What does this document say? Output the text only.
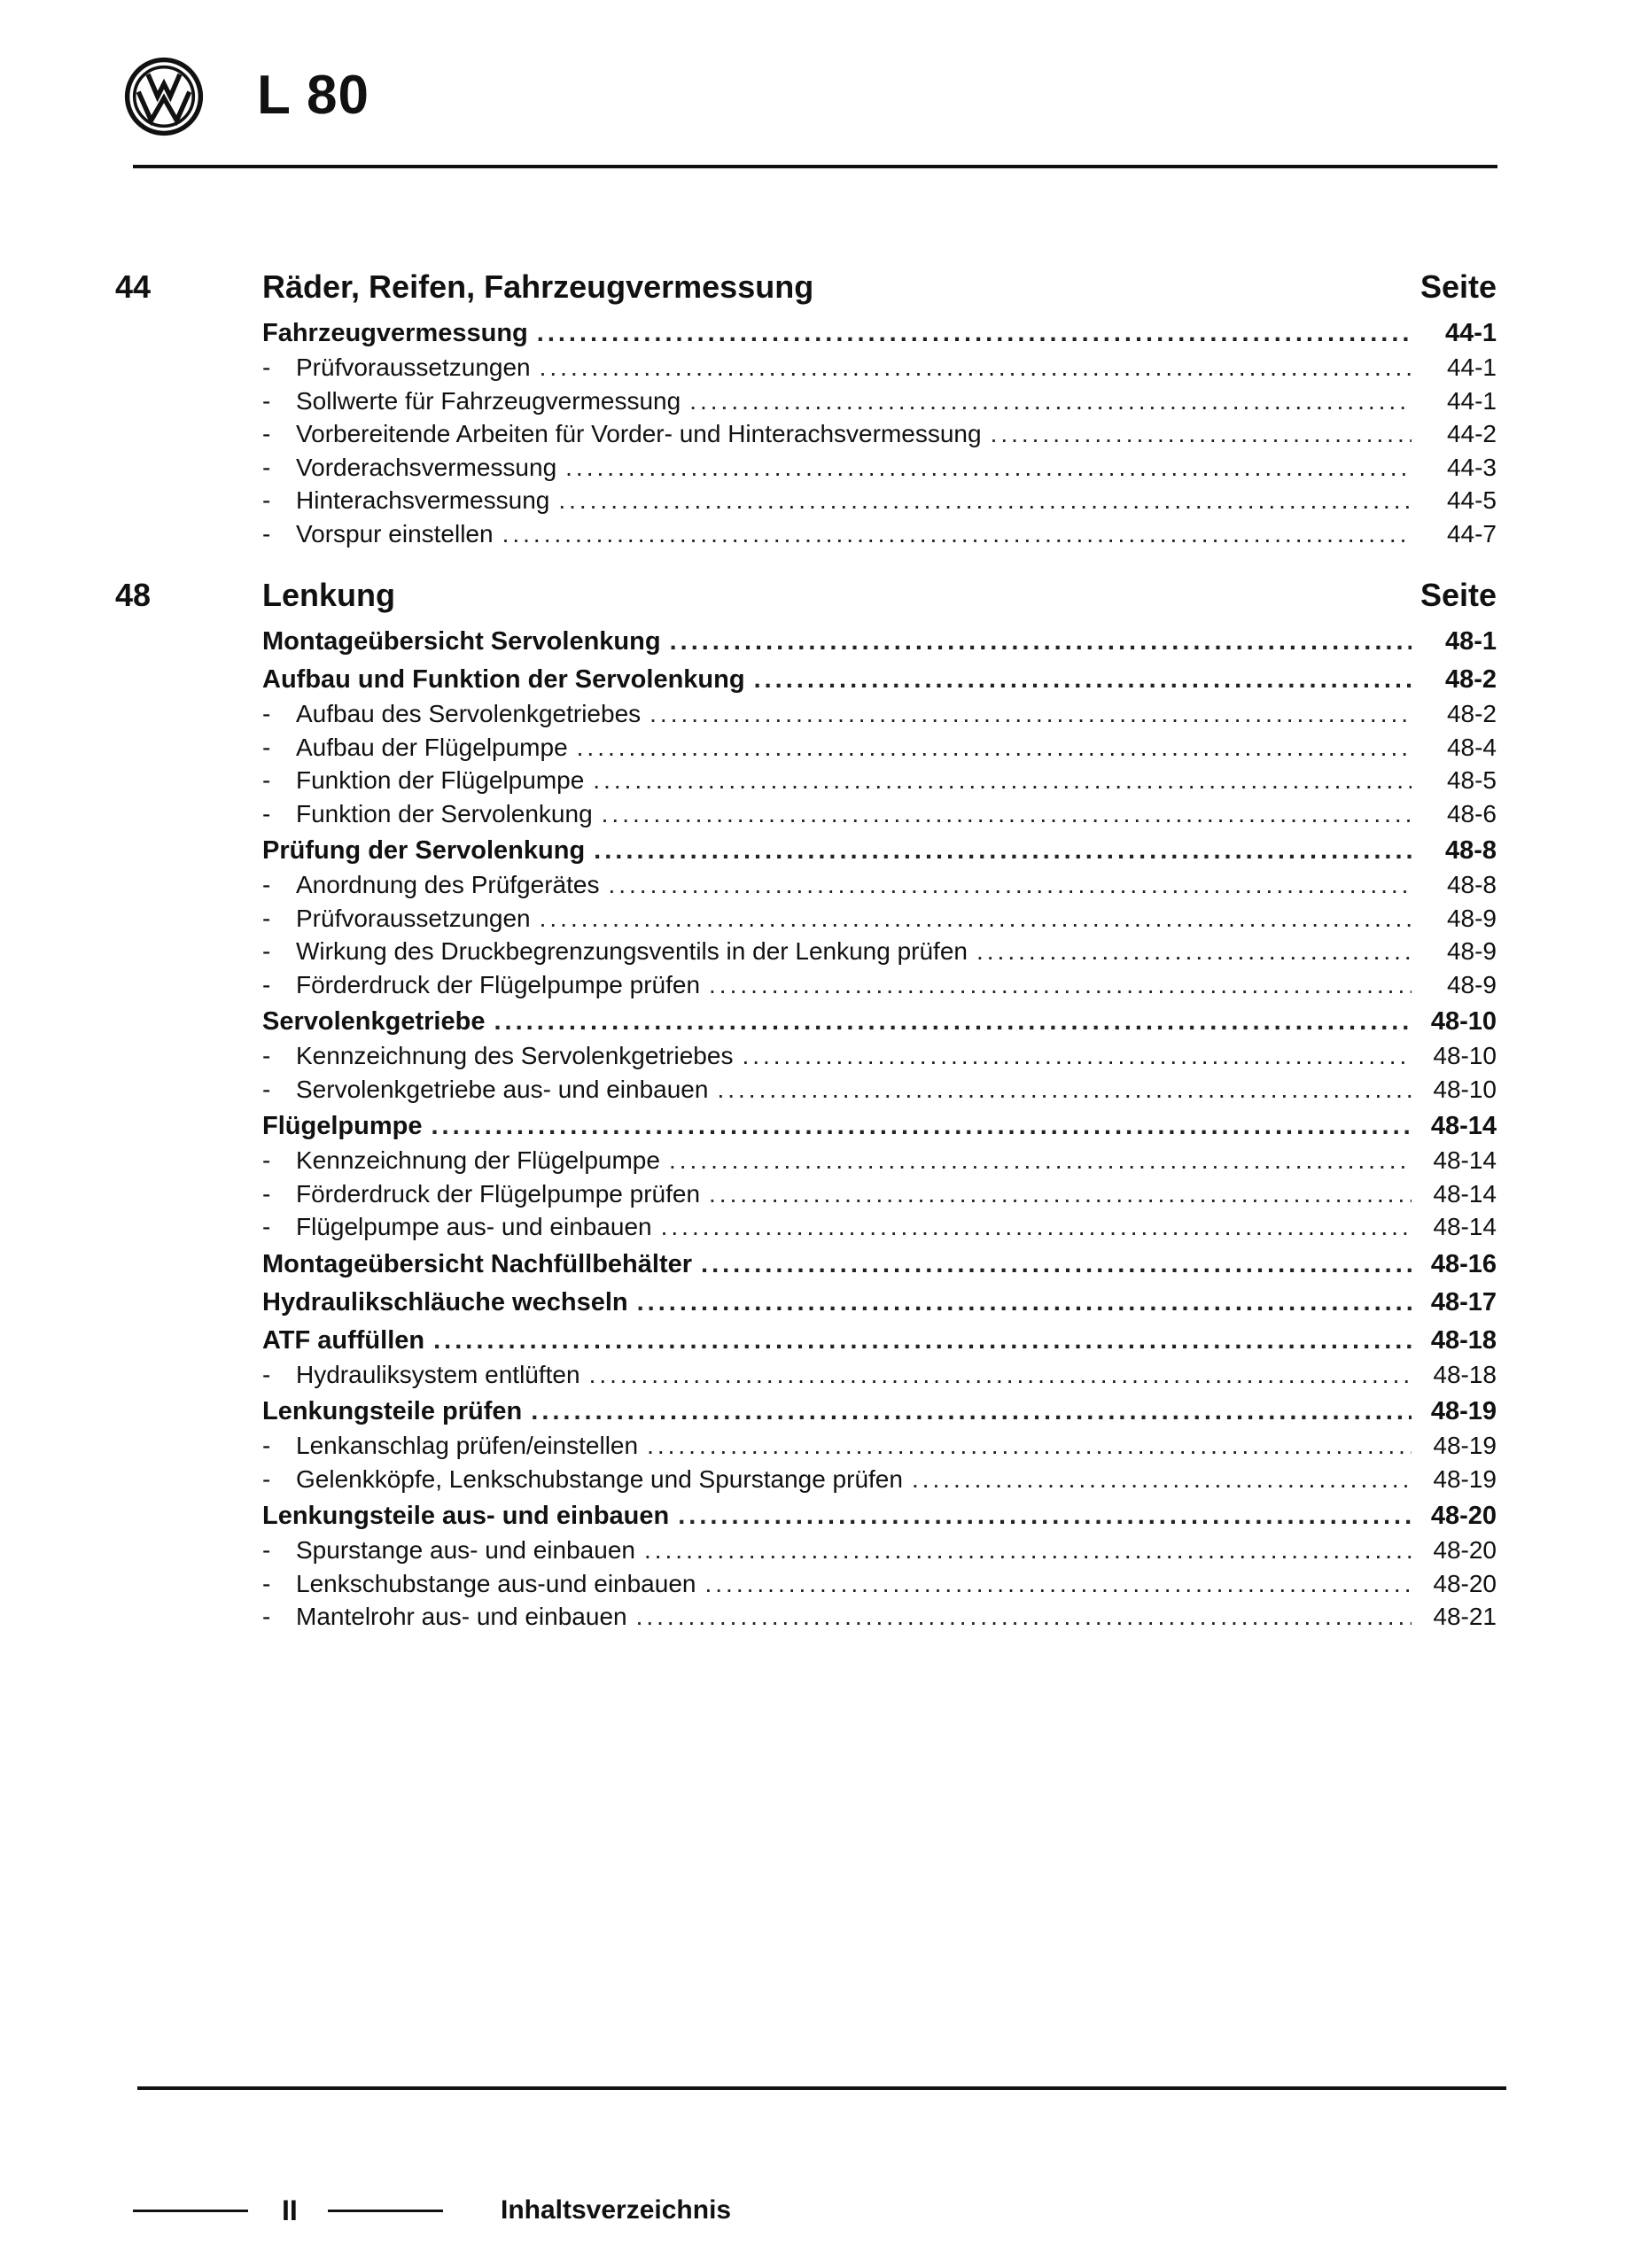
L 80
44	Räder, Reifen, Fahrzeugvermessung	Seite
Fahrzeugvermessung .....	44-1
-	Prüfvoraussetzungen .....	44-1
-	Sollwerte für Fahrzeugvermessung .....	44-1
-	Vorbereitende Arbeiten für Vorder- und Hinterachsvermessung .....	44-2
-	Vorderachsvermessung .....	44-3
-	Hinterachsvermessung .....	44-5
-	Vorspur einstellen .....	44-7
48	Lenkung	Seite
Montageübersicht Servolenkung .....	48-1
Aufbau und Funktion der Servolenkung .....	48-2
-	Aufbau des Servolenkgetriebes .....	48-2
-	Aufbau der Flügelpumpe .....	48-4
-	Funktion der Flügelpumpe .....	48-5
-	Funktion der Servolenkung .....	48-6
Prüfung der Servolenkung .....	48-8
-	Anordnung des Prüfgerätes .....	48-8
-	Prüfvoraussetzungen .....	48-9
-	Wirkung des Druckbegrenzungsventils in der Lenkung prüfen .....	48-9
-	Förderdruck der Flügelpumpe prüfen .....	48-9
Servolenkgetriebe .....	48-10
-	Kennzeichnung des Servolenkgetriebes .....	48-10
-	Servolenkgetriebe aus- und einbauen .....	48-10
Flügelpumpe .....	48-14
-	Kennzeichnung der Flügelpumpe .....	48-14
-	Förderdruck der Flügelpumpe prüfen .....	48-14
-	Flügelpumpe aus- und einbauen .....	48-14
Montageübersicht Nachfüllbehälter .....	48-16
Hydraulikschläuche wechseln .....	48-17
ATF auffüllen .....	48-18
-	Hydrauliksystem entlüften .....	48-18
Lenkungsteile prüfen .....	48-19
-	Lenkanschlag prüfen/einstellen .....	48-19
-	Gelenkköpfe, Lenkschubstange und Spurstange prüfen .....	48-19
Lenkungsteile aus- und einbauen .....	48-20
-	Spurstange aus- und einbauen .....	48-20
-	Lenkschubstange aus-und einbauen .....	48-20
-	Mantelrohr aus- und einbauen .....	48-21
II	Inhaltsverzeichnis
